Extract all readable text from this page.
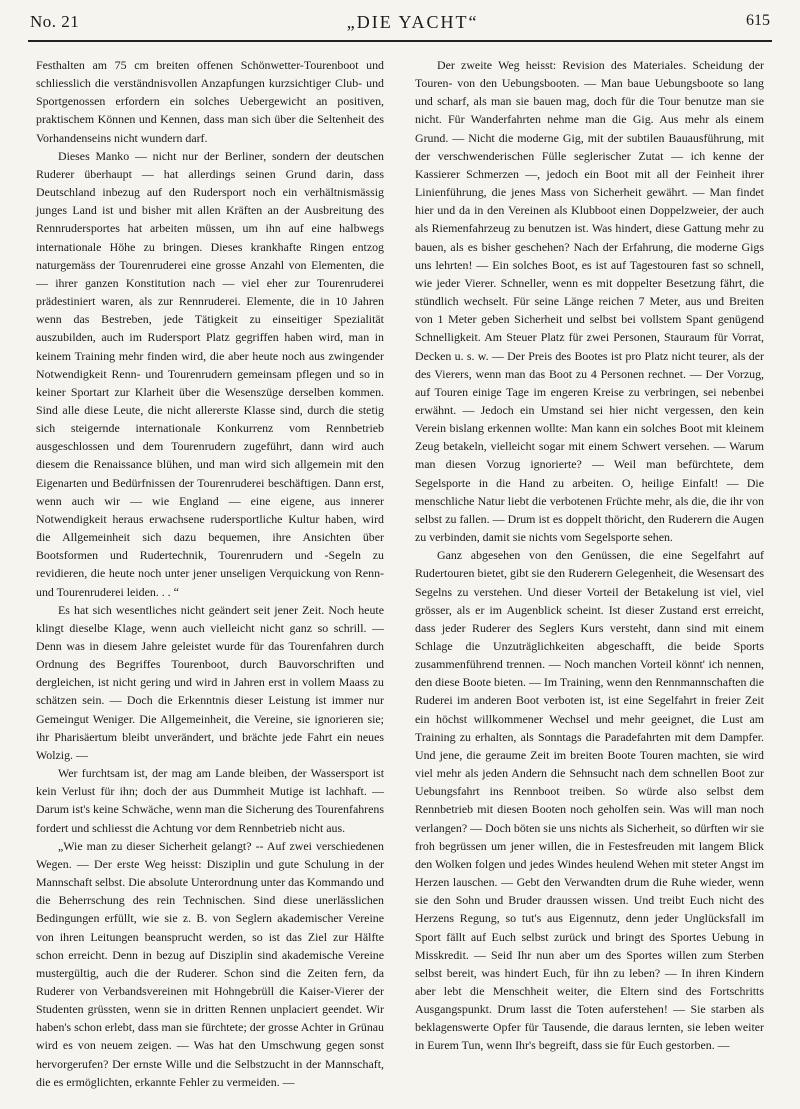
No. 21	„DIE YACHT“	615

Festhalten am 75 cm breiten offenen Schönwetter-Tourenboot und schliesslich die verständnisvollen Anzapfungen kurzsichtiger Club- und Sportgenossen erfordern ein solches Uebergewicht an positiven, praktischem Können und Kennen, dass man sich über die Seltenheit des Vorhandenseins nicht wundern darf.

Dieses Manko — nicht nur der Berliner, sondern der deutschen Ruderer überhaupt — hat allerdings seinen Grund darin, dass Deutschland inbezug auf den Rudersport noch ein verhältnismässig junges Land ist und bisher mit allen Kräften an der Ausbreitung des Rennrudersportes hat arbeiten müssen, um ihn auf eine halbwegs internationale Höhe zu bringen. Dieses krankhafte Ringen entzog naturgemäss der Tourenruderei eine grosse Anzahl von Elementen, die — ihrer ganzen Konstitution nach — viel eher zur Tourenruderei prädestiniert waren, als zur Rennruderei. Elemente, die in 10 Jahren wenn das Bestreben, jede Tätigkeit zu einseitiger Spezialität auszubilden, auch im Rudersport Platz gegriffen haben wird, man in keinem Training mehr finden wird, die aber heute noch aus zwingender Notwendigkeit Renn- und Tourenrudern gemeinsam pflegen und so in keiner Sportart zur Klarheit über die Wesenszüge derselben kommen. Sind alle diese Leute, die nicht allererste Klasse sind, durch die stetig sich steigernde internationale Konkurrenz vom Rennbetrieb ausgeschlossen und dem Tourenrudern zugeführt, dann wird auch diesem die Renaissance blühen, und man wird sich allgemein mit den Eigenarten und Bedürfnissen der Tourenruderei beschäftigen. Dann erst, wenn auch wir — wie England — eine eigene, aus innerer Notwendigkeit heraus erwachsene rudersportliche Kultur haben, wird die Allgemeinheit sich dazu bequemen, ihre Ansichten über Bootsformen und Rudertechnik, Tourenrudern und -Segeln zu revidieren, die heute noch unter jener unseligen Verquickung von Renn- und Tourenruderei leiden. . . “

Es hat sich wesentliches nicht geändert seit jener Zeit. Noch heute klingt dieselbe Klage, wenn auch vielleicht nicht ganz so schrill. — Denn was in diesem Jahre geleistet wurde für das Tourenfahren durch Ordnung des Begriffes Tourenboot, durch Bauvorschriften und dergleichen, ist nicht gering und wird in Jahren erst in vollem Maass zu schätzen sein. — Doch die Erkenntnis dieser Leistung ist immer nur Gemeingut Weniger. Die Allgemeinheit, die Vereine, sie ignorieren sie; ihr Pharisäertum bleibt unverändert, und brächte jede Fahrt ein neues Wolzig. —

Wer furchtsam ist, der mag am Lande bleiben, der Wassersport ist kein Verlust für ihn; doch der aus Dummheit Mutige ist lachhaft. — Darum ist's keine Schwäche, wenn man die Sicherung des Tourenfahrens fordert und schliesst die Achtung vor dem Rennbetrieb nicht aus.

„Wie man zu dieser Sicherheit gelangt? -- Auf zwei verschiedenen Wegen. — Der erste Weg heisst: Disziplin und gute Schulung in der Mannschaft selbst. Die absolute Unterordnung unter das Kommando und die Beherrschung des rein Technischen. Sind diese unerlässlichen Bedingungen erfüllt, wie sie z. B. von Seglern akademischer Vereine von ihren Leitungen beansprucht werden, so ist das Ziel zur Hälfte schon erreicht. Denn in bezug auf Disziplin sind akademische Vereine mustergültig, auch die der Ruderer. Schon sind die Zeiten fern, da Ruderer von Verbandsvereinen mit Hohngebrüll die Kaiser-Vierer der Studenten grüssten, wenn sie in dritten Rennen unplaciert geendet. Wir haben's schon erlebt, dass man sie fürchtete; der grosse Achter in Grünau wird es von neuem zeigen. — Was hat den Umschwung gegen sonst hervorgerufen? Der ernste Wille und die Selbstzucht in der Mannschaft, die es ermöglichten, erkannte Fehler zu vermeiden. —

Der zweite Weg heisst: Revision des Materiales. Scheidung der Touren- von den Uebungsbooten. — Man baue Uebungsboote so lang und scharf, als man sie bauen mag, doch für die Tour benutze man sie nicht. Für Wanderfahrten nehme man die Gig. Aus mehr als einem Grund. — Nicht die moderne Gig, mit der subtilen Bauausführung, mit der verschwenderischen Fülle seglerischer Zutat — ich kenne der Kassierer Schmerzen —, jedoch ein Boot mit all der Feinheit ihrer Linienführung, die jenes Mass von Sicherheit gewährt. — Man findet hier und da in den Vereinen als Klubboot einen Doppelzweier, der auch als Riemenfahrzeug zu benutzen ist. Was hindert, diese Gattung mehr zu bauen, als es bisher geschehen? Nach der Erfahrung, die moderne Gigs uns lehrten! — Ein solches Boot, es ist auf Tagestouren fast so schnell, wie jeder Vierer. Schneller, wenn es mit doppelter Besetzung fährt, die stündlich wechselt. Für seine Länge reichen 7 Meter, aus und Breiten von 1 Meter geben Sicherheit und selbst bei vollstem Spant genügend Schnelligkeit. Am Steuer Platz für zwei Personen, Stauraum für Vorrat, Decken u. s. w. — Der Preis des Bootes ist pro Platz nicht teurer, als der des Vierers, wenn man das Boot zu 4 Personen rechnet. — Der Vorzug, auf Touren einige Tage im engeren Kreise zu verbringen, sei nebenbei erwähnt. — Jedoch ein Umstand sei hier nicht vergessen, den kein Verein bislang erkennen wollte: Man kann ein solches Boot mit kleinem Zeug betakeln, vielleicht sogar mit einem Schwert versehen. — Warum man diesen Vorzug ignorierte? — Weil man befürchtete, dem Segelsporte in die Hand zu arbeiten. O, heilige Einfalt! — Die menschliche Natur liebt die verbotenen Früchte mehr, als die, die ihr von selbst zu fallen. — Drum ist es doppelt thöricht, den Ruderern die Augen zu verbinden, damit sie nichts vom Segelsporte sehen.

Ganz abgesehen von den Genüssen, die eine Segelfahrt auf Rudertouren bietet, gibt sie den Ruderern Gelegenheit, die Wesensart des Segelns zu verstehen. Und dieser Vorteil der Betakelung ist viel, viel grösser, als er im Augenblick scheint. Ist dieser Zustand erst erreicht, dass jeder Ruderer des Seglers Kurs versteht, dann sind mit einem Schlage die Unzuträglichkeiten abgeschafft, die beide Sports zusammenführend trennen. — Noch manchen Vorteil könnt' ich nennen, den diese Boote bieten. — Im Training, wenn den Rennmannschaften die Ruderei im anderen Boot verboten ist, ist eine Segelfahrt in freier Zeit ein höchst willkommener Wechsel und mehr geeignet, die Lust am Training zu erhalten, als Sonntags die Paradefahrten mit dem Dampfer. Und jene, die geraume Zeit im breiten Boote Touren machten, sie wird viel mehr als jeden Andern die Sehnsucht nach dem schnellen Boot zur Uebungsfahrt ins Rennboot treiben. So würde also selbst dem Rennbetrieb mit diesen Booten noch geholfen sein. Was will man noch verlangen? — Doch böten sie uns nichts als Sicherheit, so dürften wir sie froh begrüssen um jener willen, die in Festesfreuden mit langem Blick den Wolken folgen und jedes Windes heulend Wehen mit steter Angst im Herzen lauschen. — Gebt den Verwandten drum die Ruhe wieder, wenn sie den Sohn und Bruder draussen wissen. Und treibt Euch nicht des Herzens Regung, so tut's aus Eigennutz, denn jeder Unglücksfall im Sport fällt auf Euch selbst zurück und bringt des Sportes Uebung in Misskredit. — Seid Ihr nun aber um des Sportes willen zum Sterben selbst bereit, was hindert Euch, für ihn zu leben? — In ihren Kindern aber lebt die Menschheit weiter, die Eltern sind des Fortschritts Ausgangspunkt. Drum lasst die Toten auferstehen! — Sie starben als beklagenswerte Opfer für Tausende, die daraus lernten, sie leben weiter in Eurem Tun, wenn Ihr's begreift, dass sie für Euch gestorben. —
